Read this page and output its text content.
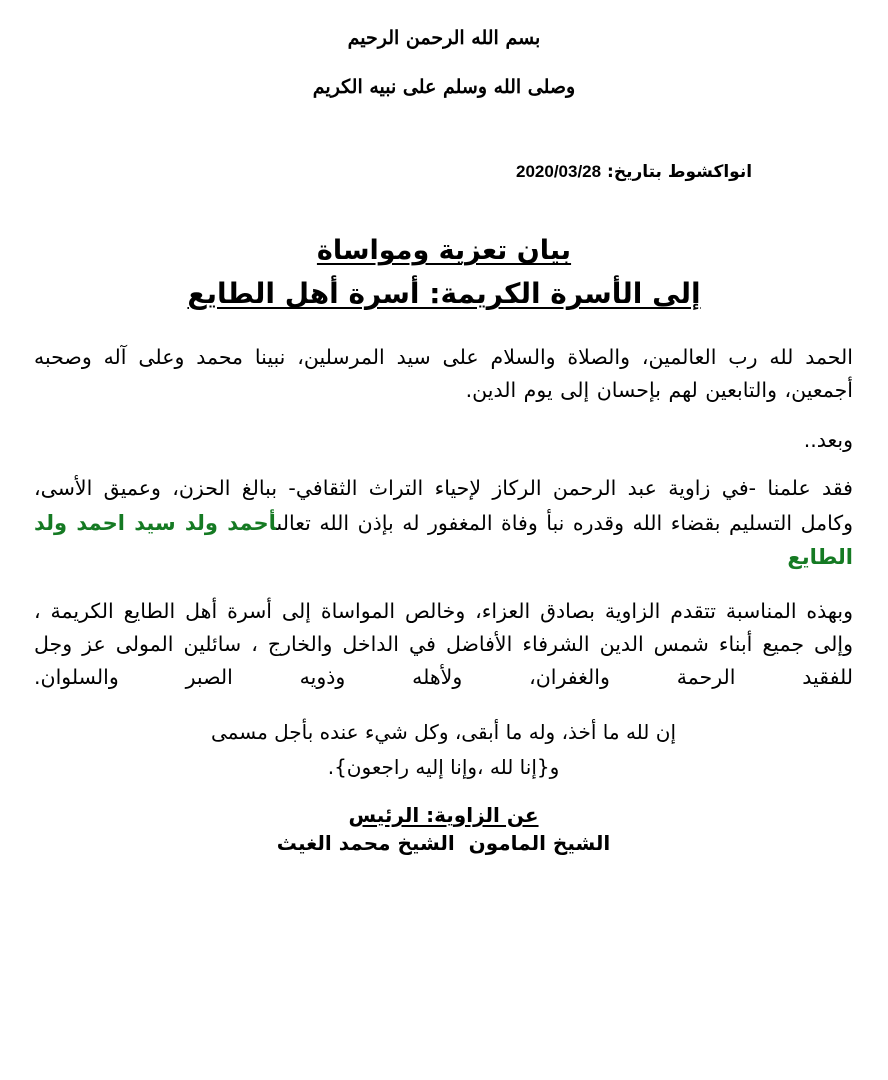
بسم الله الرحمن الرحيم
وصلى الله وسلم على نبيه الكريم
انواكشوط بتاريخ: 2020/03/28
بيان تعزية ومواساة
إلى الأسرة الكريمة: أسرة أهل الطايع

الحمد لله رب العالمين، والصلاة والسلام على سيد المرسلين، نبينا محمد وعلى آله وصحبه أجمعين، والتابعين لهم بإحسان إلى يوم الدين.

وبعد..

فقد علمنا -في زاوية عبد الرحمن الركاز لإحياء التراث الثقافي- ببالغ الحزن، وعميق الأسى، وكامل التسليم بقضاء الله وقدره نبأ وفاة المغفور له بإذن الله تعالىأحمد ولد سيد احمد ولد الطايع

وبهذه المناسبة تتقدم الزاوية بصادق العزاء، وخالص المواساة إلى أسرة أهل الطايع الكريمة ، وإلى جميع أبناء شمس الدين الشرفاء الأفاضل في الداخل والخارج ، سائلين المولى عز وجل للفقيد الرحمة والغفران، ولأهله وذويه الصبر والسلوان.

إن لله ما أخذ، وله ما أبقى، وكل شيء عنده بأجل مسمى
و{إنا لله ،وإنا إليه راجعون}.
عن الزاوية: الرئيس
الشيخ المامون  الشيخ محمد الغيث
